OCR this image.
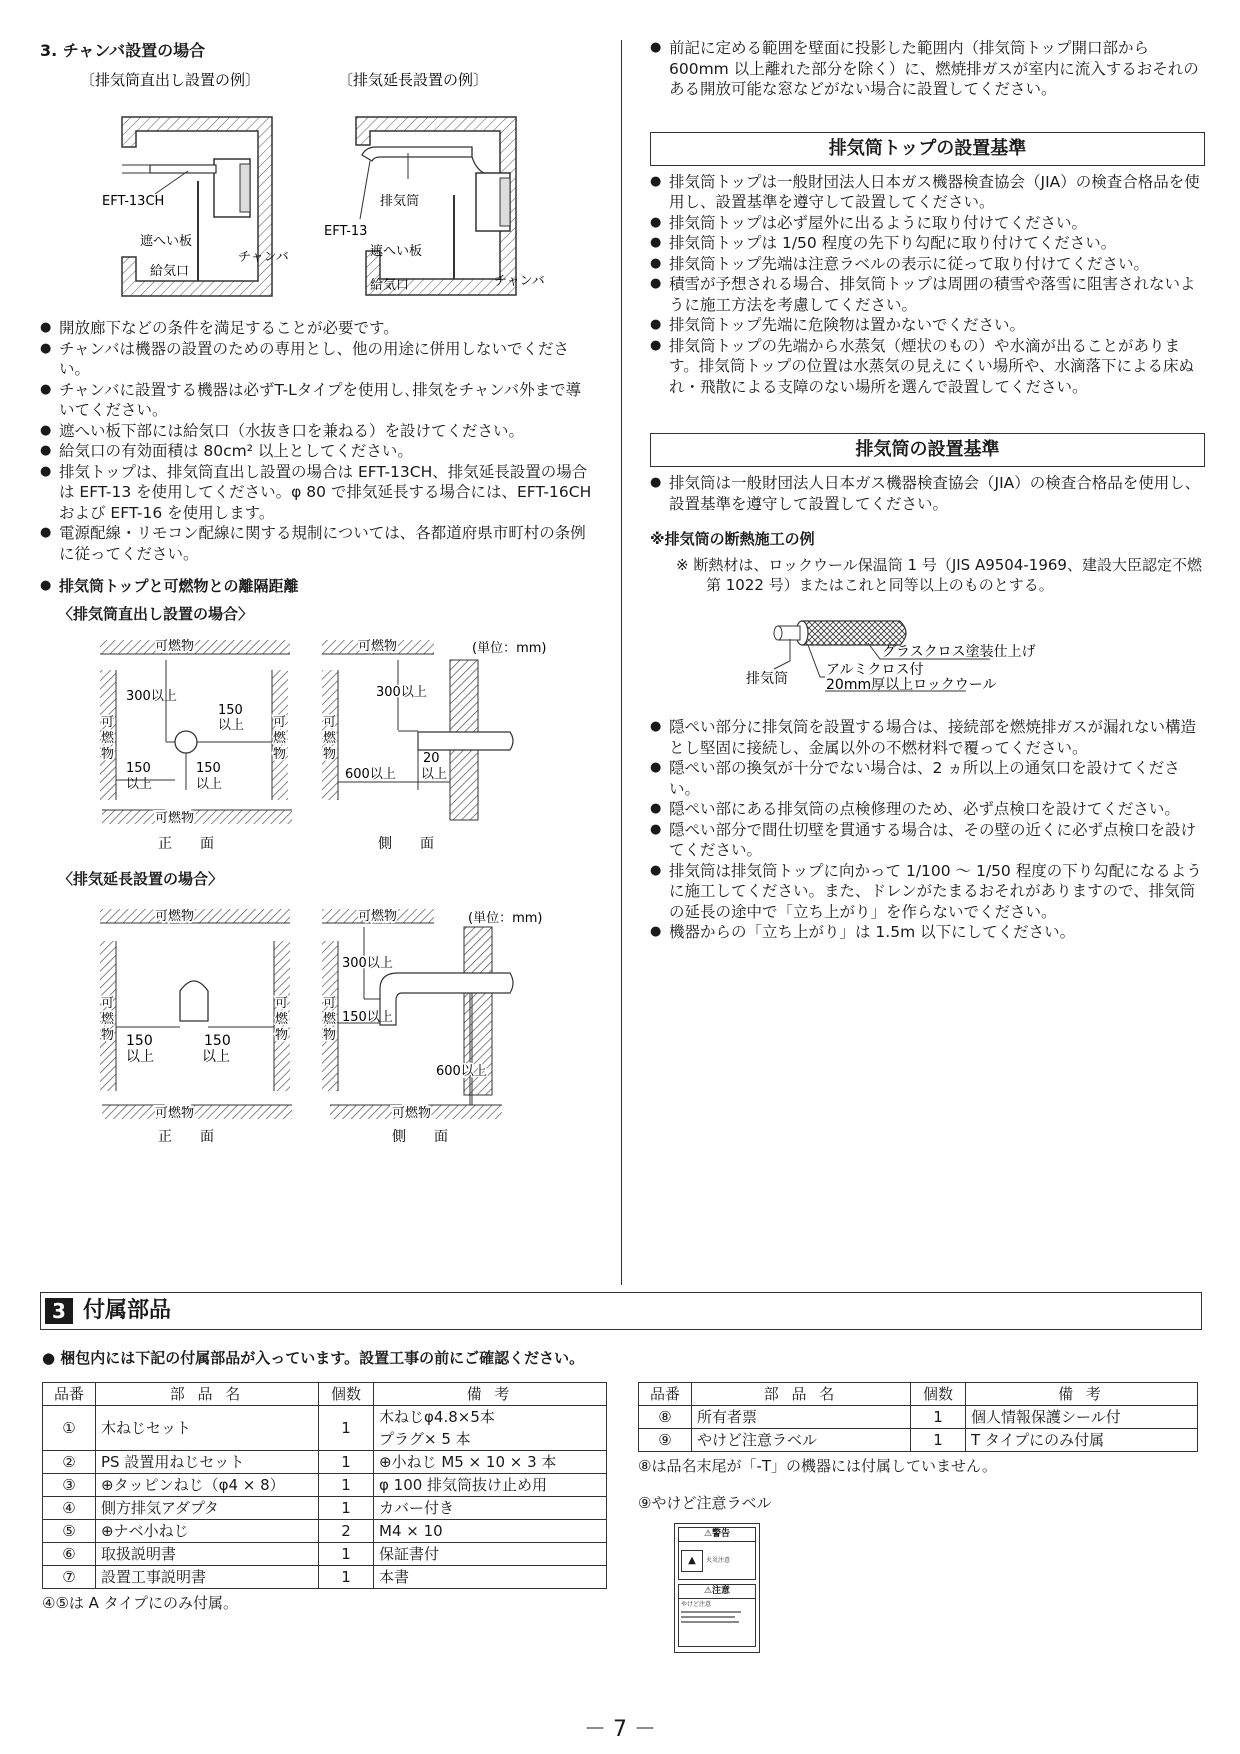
3. チャンバ設置の場合
〔排気筒直出し設置の例〕	〔排気延長設置の例〕
EFT-13CH
遮へい板
給気口
チャンバ
排気筒
EFT-13
遮へい板
給気口	チャンバ
● 開放廊下などの条件を満足することが必要です。
● チャンバは機器の設置のための専用とし、他の用途に併用しないでください。
● チャンバに設置する機器は必ずT-Lタイプを使用し､排気をチャンバ外まで導いてください。
● 遮へい板下部には給気口（水抜き口を兼ねる）を設けてください。
● 給気口の有効面積は 80cm² 以上としてください。
● 排気トップは、排気筒直出し設置の場合は EFT-13CH、排気延長設置の場合は EFT-13 を使用してください。φ 80 で排気延長する場合には、EFT-16CH および EFT-16 を使用します。
● 電源配線・リモコン配線に関する規制については、各都道府県市町村の条例に従ってください。
● 排気筒トップと可燃物との離隔距離
〈排気筒直出し設置の場合〉
可燃物
可
燃
物
可
燃
物
300以上
150
以上
150
以上
150
以上
可燃物
正　　面
可燃物	(単位：mm)
可
燃
物
300以上
600以上
20
以上
側　　面
〈排気延長設置の場合〉
可燃物
可
燃
物
可
燃
物
150
以上
150
以上
可燃物
正　　面
可燃物	(単位：mm)
可
燃
物
300以上
150以上
600以上
可燃物
側　　面
● 前記に定める範囲を壁面に投影した範囲内（排気筒トップ開口部から 600mm 以上離れた部分を除く）に、燃焼排ガスが室内に流入するおそれのある開放可能な窓などがない場合に設置してください。
排気筒トップの設置基準
● 排気筒トップは一般財団法人日本ガス機器検査協会（JIA）の検査合格品を使用し、設置基準を遵守して設置してください。
● 排気筒トップは必ず屋外に出るように取り付けてください。
● 排気筒トップは 1/50 程度の先下り勾配に取り付けてください。
● 排気筒トップ先端は注意ラベルの表示に従って取り付けてください。
● 積雪が予想される場合、排気筒トップは周囲の積雪や落雪に阻害されないように施工方法を考慮してください。
● 排気筒トップ先端に危険物は置かないでください。
● 排気筒トップの先端から水蒸気（煙状のもの）や水滴が出ることがあります。排気筒トップの位置は水蒸気の見えにくい場所や、水滴落下による床ぬれ・飛散による支障のない場所を選んで設置してください。
排気筒の設置基準
● 排気筒は一般財団法人日本ガス機器検査協会（JIA）の検査合格品を使用し、設置基準を遵守して設置してください。
※排気筒の断熱施工の例
※ 断熱材は、ロックウール保温筒 1 号（JIS A9504-1969、建設大臣認定不燃第 1022 号）またはこれと同等以上のものとする。
グラスクロス塗装仕上げ
排気筒
アルミクロス付
20mm厚以上ロックウール
● 隠ぺい部分に排気筒を設置する場合は、接続部を燃焼排ガスが漏れない構造とし堅固に接続し、金属以外の不燃材料で覆ってください。
● 隠ぺい部の換気が十分でない場合は、2 ヵ所以上の通気口を設けてください。
● 隠ぺい部にある排気筒の点検修理のため、必ず点検口を設けてください。
● 隠ぺい部分で間仕切壁を貫通する場合は、その壁の近くに必ず点検口を設けてください。
● 排気筒は排気筒トップに向かって 1/100 ～ 1/50 程度の下り勾配になるように施工してください。また、ドレンがたまるおそれがありますので、排気筒の延長の途中で「立ち上がり」を作らないでください。
● 機器からの「立ち上がり」は 1.5m 以下にしてください。
3 付属部品
● 梱包内には下記の付属部品が入っています。設置工事の前にご確認ください。
品番	部 品 名	個数	備 考
①	木ねじセット	1	木ねじφ4.8×5本
			プラグ× 5 本
②	PS 設置用ねじセット	1	⊕小ねじ M5 × 10 × 3 本
③	⊕タッピンねじ（φ4 × 8）	1	φ 100 排気筒抜け止め用
④	側方排気アダプタ	1	カバー付き
⑤	⊕ナベ小ねじ	2	M4 × 10
⑥	取扱説明書	1	保証書付
⑦	設置工事説明書	1	本書
④⑤は A タイプにのみ付属。
品番	部 品 名	個数	備 考
⑧	所有者票	1	個人情報保護シール付
⑨	やけど注意ラベル	1	T タイプにのみ付属
⑧は品名末尾が「-T」の機器には付属していません。
⑨やけど注意ラベル
⚠警告
▲	火災注意
⚠注意
やけど注意
－ 7 －
